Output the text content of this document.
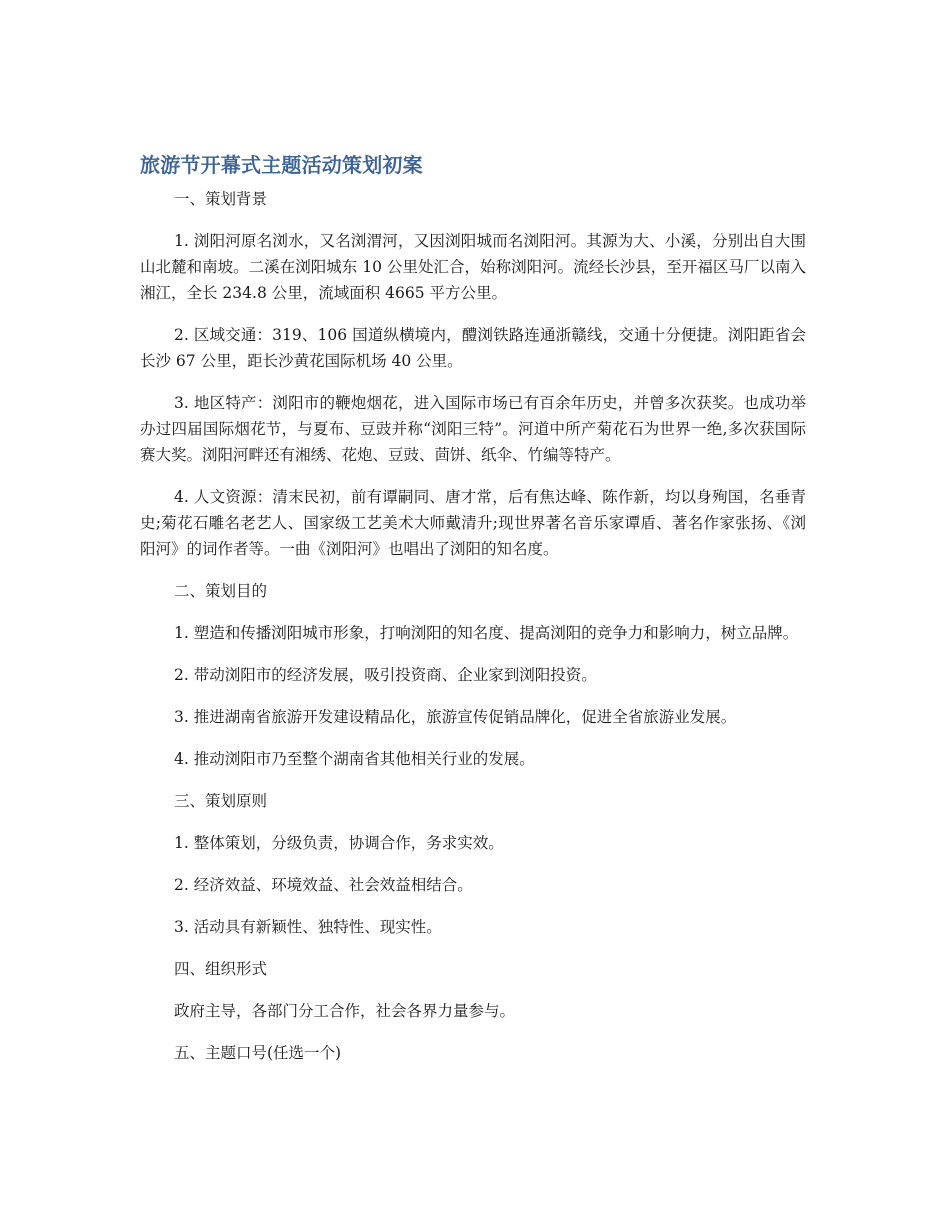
旅游节开幕式主题活动策划初案
一、策划背景

1. 浏阳河原名浏水，又名浏渭河，又因浏阳城而名浏阳河。其源为大、小溪，分别出自大围山北麓和南坡。二溪在浏阳城东 10 公里处汇合，始称浏阳河。流经长沙县，至开福区马厂以南入湘江，全长 234.8 公里，流域面积 4665 平方公里。

2. 区域交通：319、106 国道纵横境内，醴浏铁路连通浙赣线，交通十分便捷。浏阳距省会长沙 67 公里，距长沙黄花国际机场 40 公里。

3. 地区特产：浏阳市的鞭炮烟花，进入国际市场已有百余年历史，并曾多次获奖。也成功举办过四届国际烟花节，与夏布、豆豉并称“浏阳三特”。河道中所产菊花石为世界一绝,多次获国际赛大奖。浏阳河畔还有湘绣、花炮、豆豉、茴饼、纸伞、竹编等特产。

4. 人文资源：清末民初，前有谭嗣同、唐才常，后有焦达峰、陈作新，均以身殉国，名垂青史;菊花石雕名老艺人、国家级工艺美术大师戴清升;现世界著名音乐家谭盾、著名作家张扬、《浏阳河》的词作者等。一曲《浏阳河》也唱出了浏阳的知名度。

二、策划目的

1. 塑造和传播浏阳城市形象，打响浏阳的知名度、提高浏阳的竞争力和影响力，树立品牌。

2. 带动浏阳市的经济发展，吸引投资商、企业家到浏阳投资。

3. 推进湖南省旅游开发建设精品化，旅游宣传促销品牌化，促进全省旅游业发展。

4. 推动浏阳市乃至整个湖南省其他相关行业的发展。

三、策划原则

1. 整体策划，分级负责，协调合作，务求实效。

2. 经济效益、环境效益、社会效益相结合。

3. 活动具有新颖性、独特性、现实性。

四、组织形式

政府主导，各部门分工合作，社会各界力量参与。

五、主题口号(任选一个)
